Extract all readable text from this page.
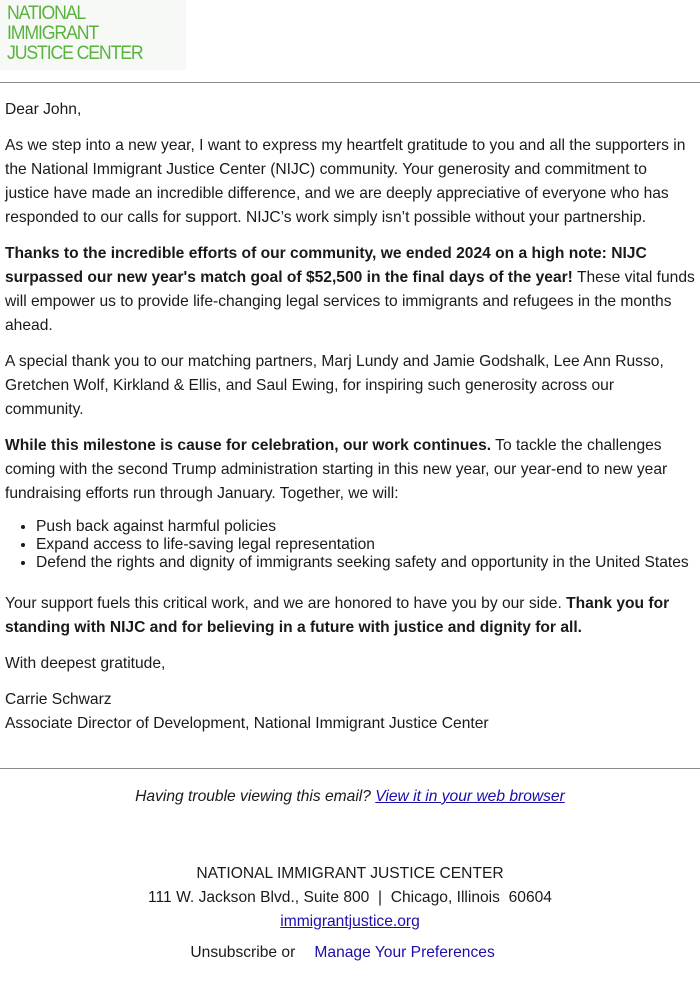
NATIONAL
IMMIGRANT
JUSTICE CENTER

Dear John,

As we step into a new year, I want to express my heartfelt gratitude to you and all the supporters in the National Immigrant Justice Center (NIJC) community. Your generosity and commitment to justice have made an incredible difference, and we are deeply appreciative of everyone who has responded to our calls for support. NIJC’s work simply isn’t possible without your partnership.

Thanks to the incredible efforts of our community, we ended 2024 on a high note: NIJC surpassed our new year's match goal of $52,500 in the final days of the year! These vital funds will empower us to provide life-changing legal services to immigrants and refugees in the months ahead.

A special thank you to our matching partners, Marj Lundy and Jamie Godshalk, Lee Ann Russo, Gretchen Wolf, Kirkland & Ellis, and Saul Ewing, for inspiring such generosity across our community.

While this milestone is cause for celebration, our work continues. To tackle the challenges coming with the second Trump administration starting in this new year, our year-end to new year fundraising efforts run through January. Together, we will:

• Push back against harmful policies
• Expand access to life-saving legal representation
• Defend the rights and dignity of immigrants seeking safety and opportunity in the United States

Your support fuels this critical work, and we are honored to have you by our side. Thank you for standing with NIJC and for believing in a future with justice and dignity for all.

With deepest gratitude,

Carrie Schwarz

Associate Director of Development, National Immigrant Justice Center

Having trouble viewing this email? View it in your web browser
NATIONAL IMMIGRANT JUSTICE CENTER
111 W. Jackson Blvd., Suite 800  |  Chicago, Illinois  60604
immigrantjustice.org
Unsubscribe or Manage Your Preferences
